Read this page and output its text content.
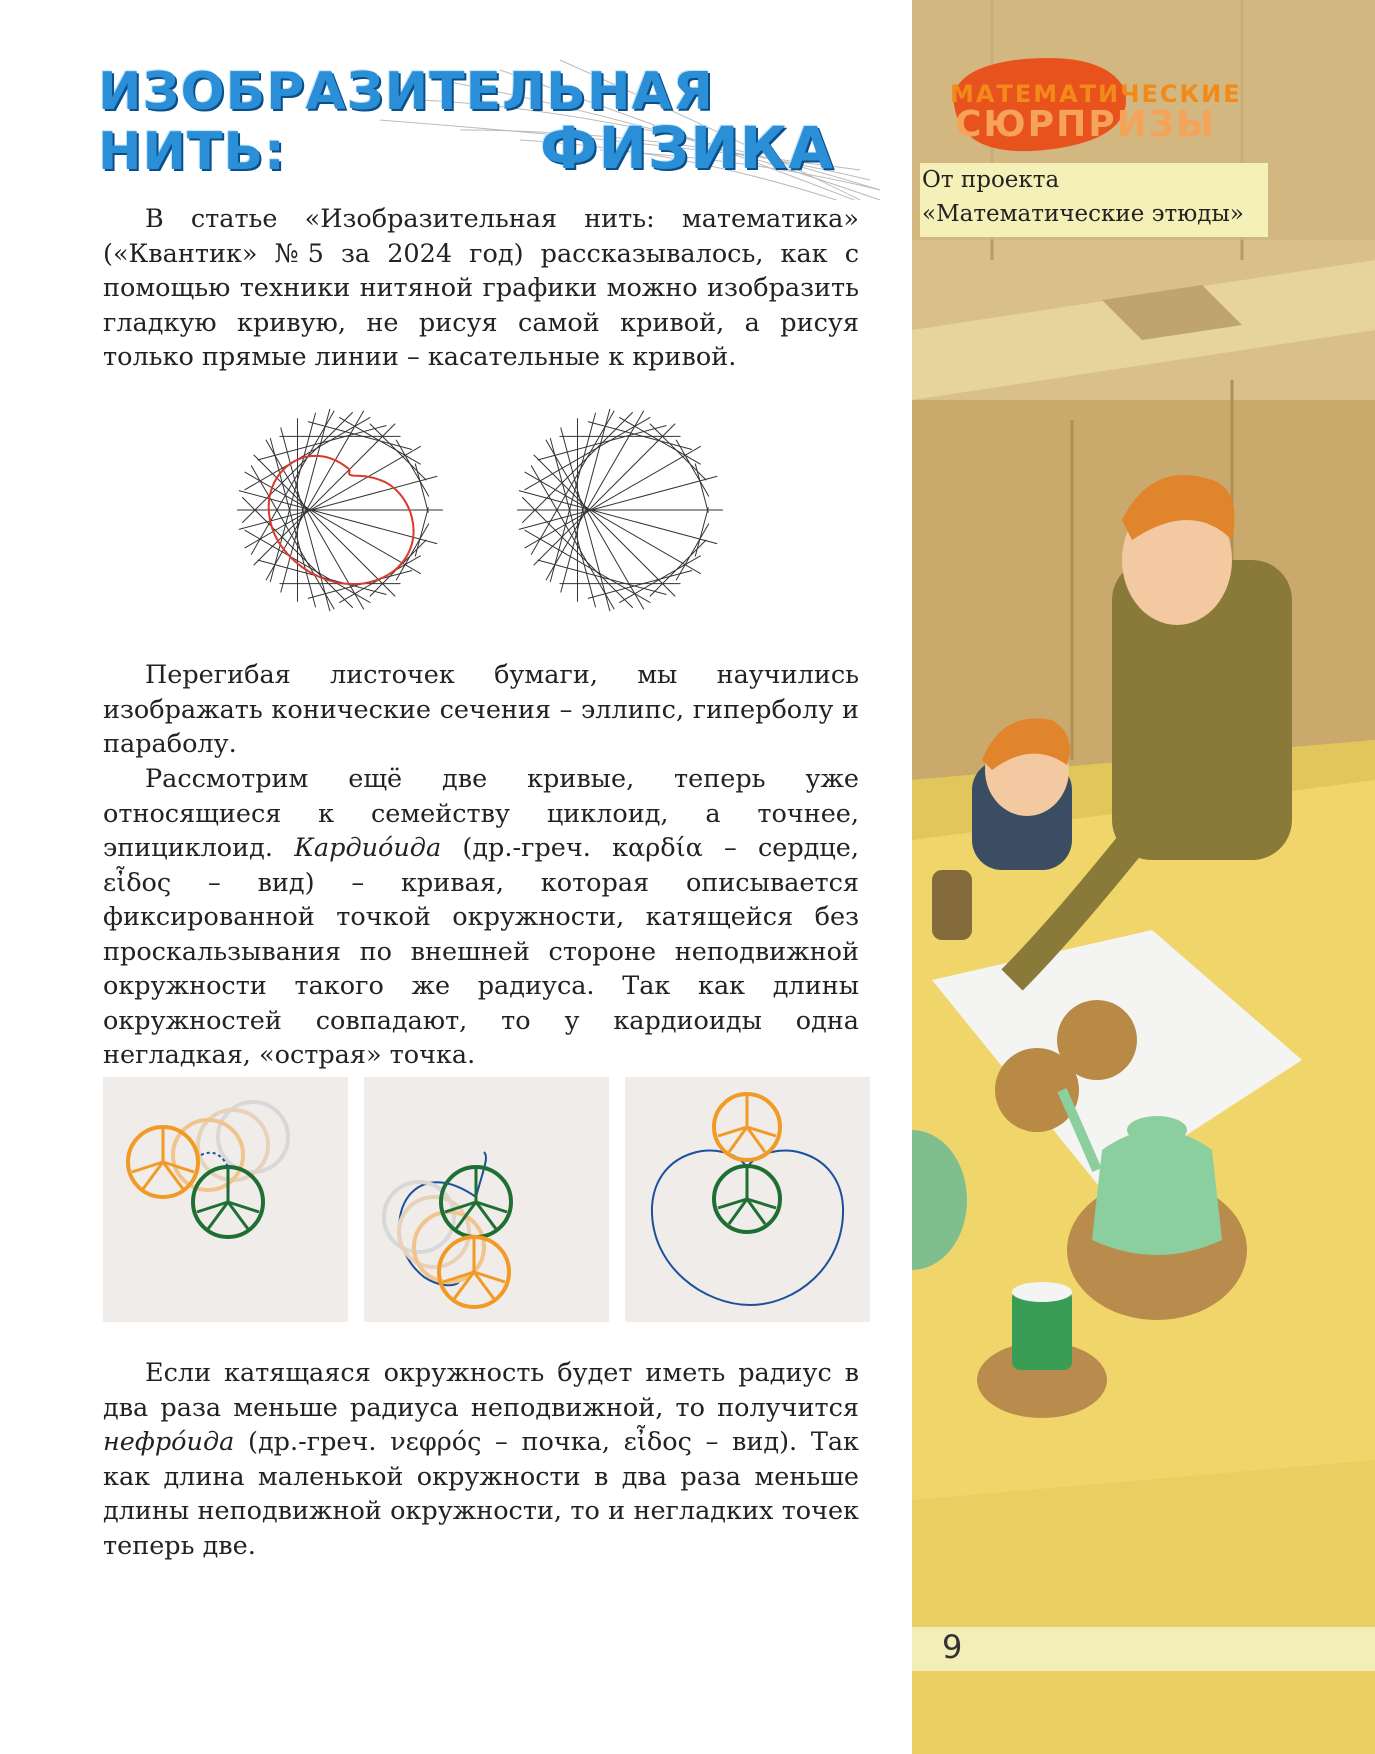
ИЗОБРАЗИТЕЛЬНАЯ НИТЬ:	ФИЗИКА

В статье «Изобразительная нить: математика» («Квантик» №5 за 2024 год) рассказывалось, как с помощью техники нитяной графики можно изобразить гладкую кривую, не рисуя самой кривой, а рисуя только прямые линии – касательные к кривой.

Перегибая листочек бумаги, мы научились изображать конические сечения – эллипс, гиперболу и параболу.

Рассмотрим ещё две кривые, теперь уже относящиеся к семейству циклоид, а точнее, эпициклоид. Кардио́ида (др.-греч. καρδία – сердце, εἶδος – вид) – кривая, которая описывается фиксированной точкой окружности, катящейся без проскальзывания по внешней стороне неподвижной окружности такого же радиуса. Так как длины окружностей совпадают, то у кардиоиды одна негладкая, «острая» точка.

Если катящаяся окружность будет иметь радиус в два раза меньше радиуса неподвижной, то получится нефро́ида (др.-греч. νεφρός – почка, εἶδος – вид). Так как длина маленькой окружности в два раза меньше длины неподвижной окружности, то и негладких точек теперь две.

МАТЕМАТИЧЕСКИЕ
СЮРПРИЗЫ
От проекта
«Математические этюды»
9
